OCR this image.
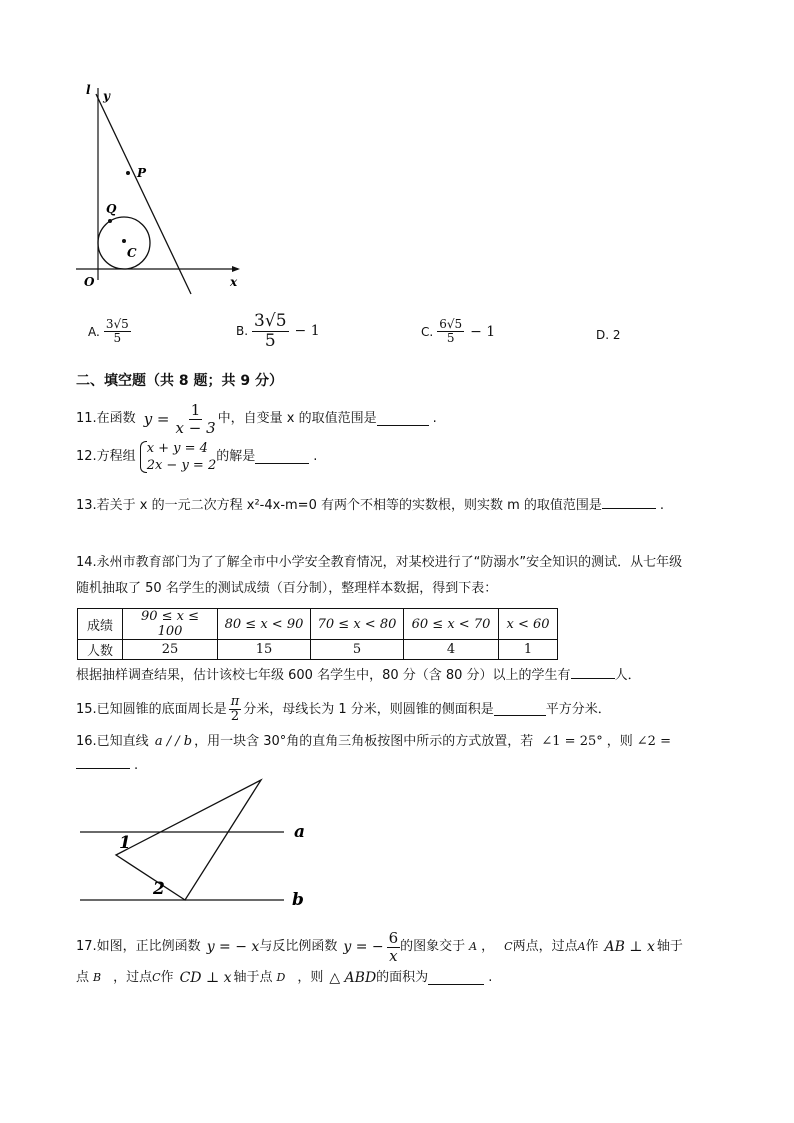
l y
P
Q
C
O	x
A. $\frac{3√5}{5}$	B. $\frac{3√5}{5} - 1$	C. $\frac{6√5}{5} - 1$	D. 2
二、填空题（共 8 题；共 9 分）
11.在函数 $y = \frac{1}{x - 3}$ 中，自变量 x 的取值范围是	.
12.方程组
x + y = 4
2x − y = 2
的解是	.
13.若关于 x 的一元二次方程 x²-4x-m=0 有两个不相等的实数根，则实数 m 的取值范围是	.
14.永州市教育部门为了了解全市中小学安全教育情况，对某校进行了“防溺水”安全知识的测试．从七年级
随机抽取了 50 名学生的测试成绩（百分制），整理样本数据，得到下表：
成绩	90 ≤ x ≤ 100	80 ≤ x < 90	70 ≤ x < 80	60 ≤ x < 70	x < 60
人数	25	15	5	4	1
根据抽样调查结果，估计该校七年级 600 名学生中，80 分（含 80 分）以上的学生有	人．
15.已知圆锥的底面周长是 $\frac{\pi}{2}$ 分米，母线长为 1 分米，则圆锥的侧面积是	平方分米．
16.已知直线 a / / b ，用一块含 30°角的直角三角板按图中所示的方式放置，若 ∠1 = 25° ，则 ∠2 =
.
1
2
a
b
17.如图，正比例函数 y = − x 与反比例函数 y = − $\frac{6}{x}$ 的图象交于 A ， C 两点，过点 A 作 AB ⊥ x 轴于
点 B ，过点 C 作 CD ⊥ x 轴于点 D ，则 △ ABD 的面积为	.
